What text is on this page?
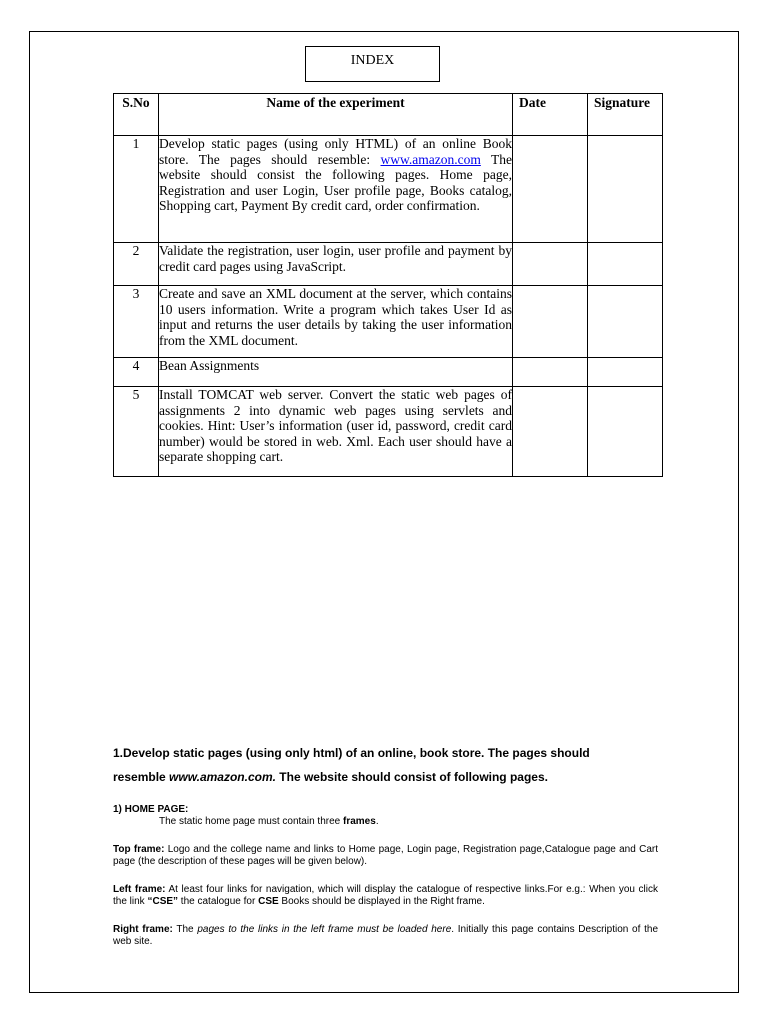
INDEX
S.No	Name of the experiment	Date	Signature
1	Develop static pages (using only HTML) of an online Book store. The pages should resemble: www.amazon.com The website should consist the following pages. Home page, Registration and user Login, User profile page, Books catalog, Shopping cart, Payment By credit card, order confirmation.		
2	Validate the registration, user login, user profile and payment by credit card pages using JavaScript.		
3	Create and save an XML document at the server, which contains 10 users information. Write a program which takes User Id as input and returns the user details by taking the user information from the XML document.		
4	Bean Assignments		
5	Install TOMCAT web server. Convert the static web pages of assignments 2 into dynamic web pages using servlets and cookies. Hint: User’s information (user id, password, credit card number) would be stored in web. Xml. Each user should have a separate shopping cart.		
1.Develop static pages (using only html) of an online, book store. The pages should resemble www.amazon.com. The website should consist of following pages.
1) HOME PAGE:
The static home page must contain three frames.
Top frame: Logo and the college name and links to Home page, Login page, Registration page,Catalogue page and Cart page (the description of these pages will be given below).
Left frame: At least four links for navigation, which will display the catalogue of respective links.For e.g.: When you click the link “CSE” the catalogue for CSE Books should be displayed in the Right frame.
Right frame: The pages to the links in the left frame must be loaded here. Initially this page contains Description of the web site.
